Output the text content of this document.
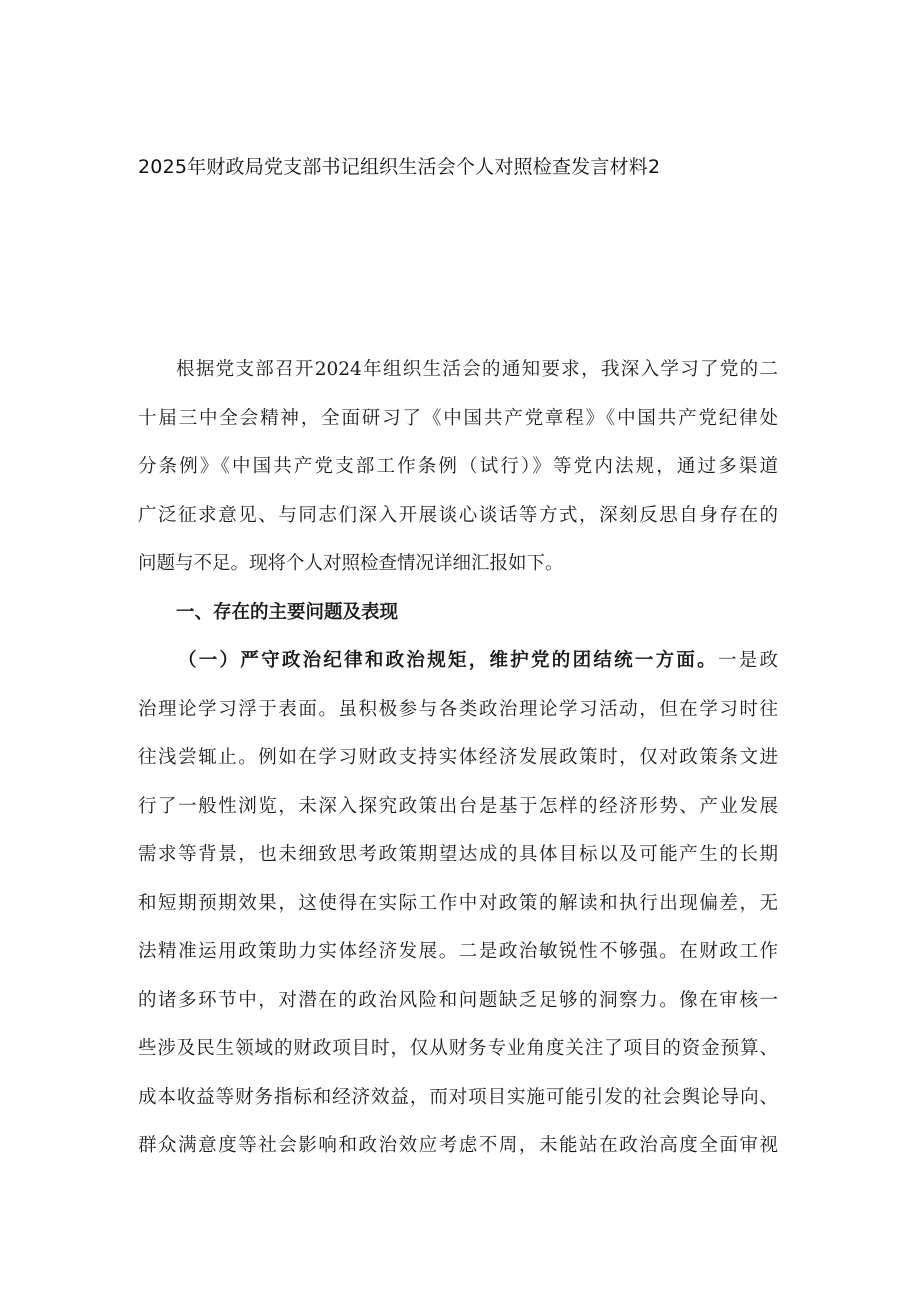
2025年财政局党支部书记组织生活会个人对照检查发言材料2
根据党支部召开2024年组织生活会的通知要求，我深入学习了党的二
十届三中全会精神，全面研习了《中国共产党章程》《中国共产党纪律处
分条例》《中国共产党支部工作条例（试行）》等党内法规，通过多渠道
广泛征求意见、与同志们深入开展谈心谈话等方式，深刻反思自身存在的
问题与不足。现将个人对照检查情况详细汇报如下。
一、存在的主要问题及表现
（一）严守政治纪律和政治规矩，维护党的团结统一方面。一是政
治理论学习浮于表面。虽积极参与各类政治理论学习活动，但在学习时往
往浅尝辄止。例如在学习财政支持实体经济发展政策时，仅对政策条文进
行了一般性浏览，未深入探究政策出台是基于怎样的经济形势、产业发展
需求等背景，也未细致思考政策期望达成的具体目标以及可能产生的长期
和短期预期效果，这使得在实际工作中对政策的解读和执行出现偏差，无
法精准运用政策助力实体经济发展。二是政治敏锐性不够强。在财政工作
的诸多环节中，对潜在的政治风险和问题缺乏足够的洞察力。像在审核一
些涉及民生领域的财政项目时，仅从财务专业角度关注了项目的资金预算、
成本收益等财务指标和经济效益，而对项目实施可能引发的社会舆论导向、
群众满意度等社会影响和政治效应考虑不周，未能站在政治高度全面审视
